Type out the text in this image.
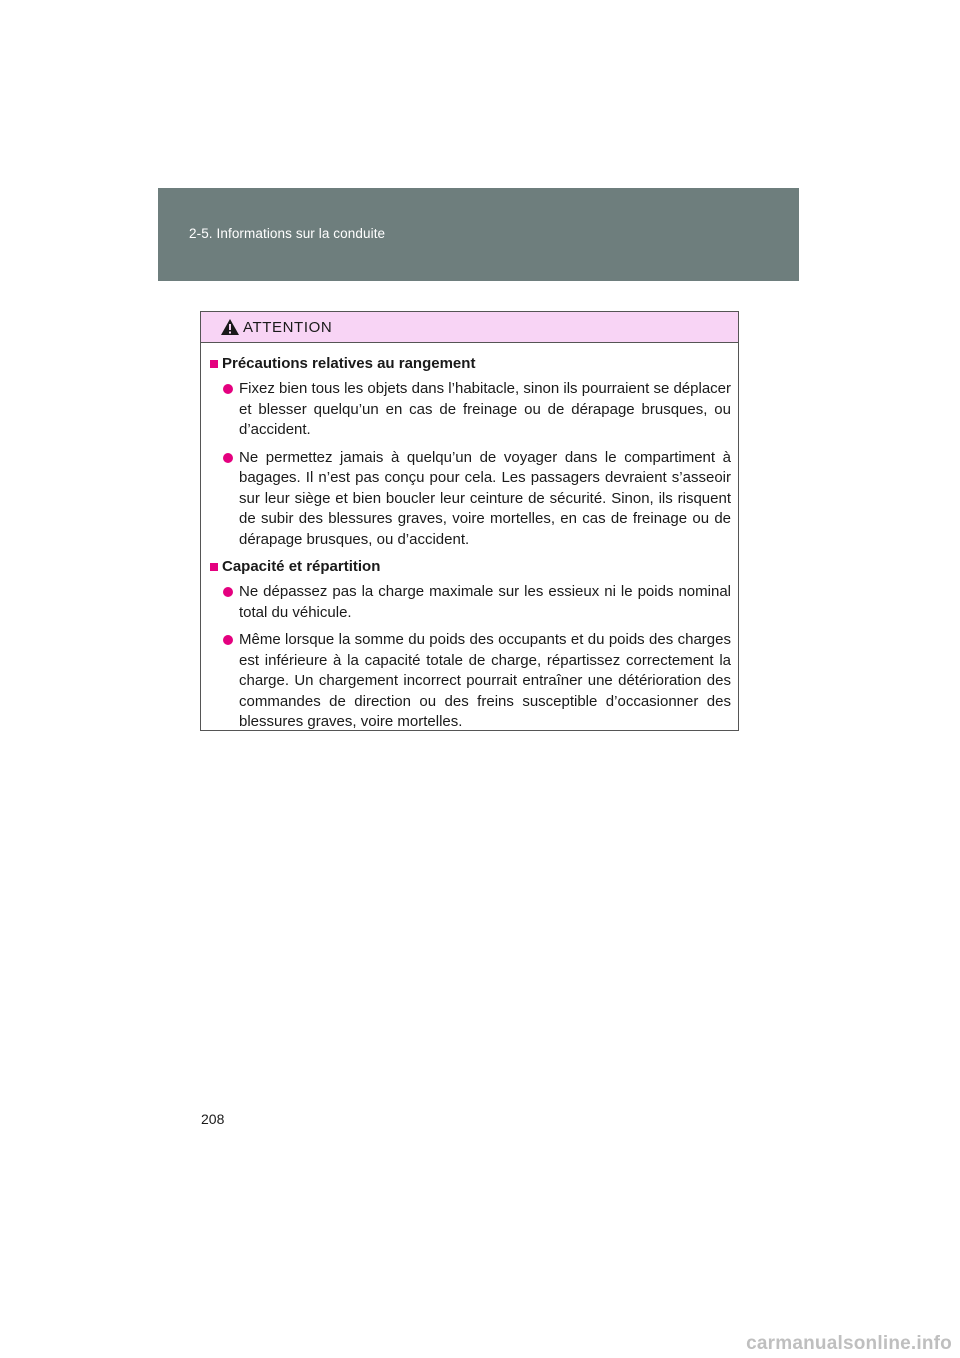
2-5. Informations sur la conduite
ATTENTION
Précautions relatives au rangement
Fixez bien tous les objets dans l’habitacle, sinon ils pourraient se déplacer et blesser quelqu’un en cas de freinage ou de dérapage brusques, ou d’accident.
Ne permettez jamais à quelqu’un de voyager dans le compartiment à bagages. Il n’est pas conçu pour cela. Les passagers devraient s’asseoir sur leur siège et bien boucler leur ceinture de sécurité. Sinon, ils risquent de subir des blessures graves, voire mortelles, en cas de freinage ou de dérapage brusques, ou d’accident.
Capacité et répartition
Ne dépassez pas la charge maximale sur les essieux ni le poids nominal total du véhicule.
Même lorsque la somme du poids des occupants et du poids des charges est inférieure à la capacité totale de charge, répartissez correctement la charge. Un chargement incorrect pourrait entraîner une détérioration des commandes de direction ou des freins susceptible d’occasionner des blessures graves, voire mortelles.
208
carmanualsonline.info
